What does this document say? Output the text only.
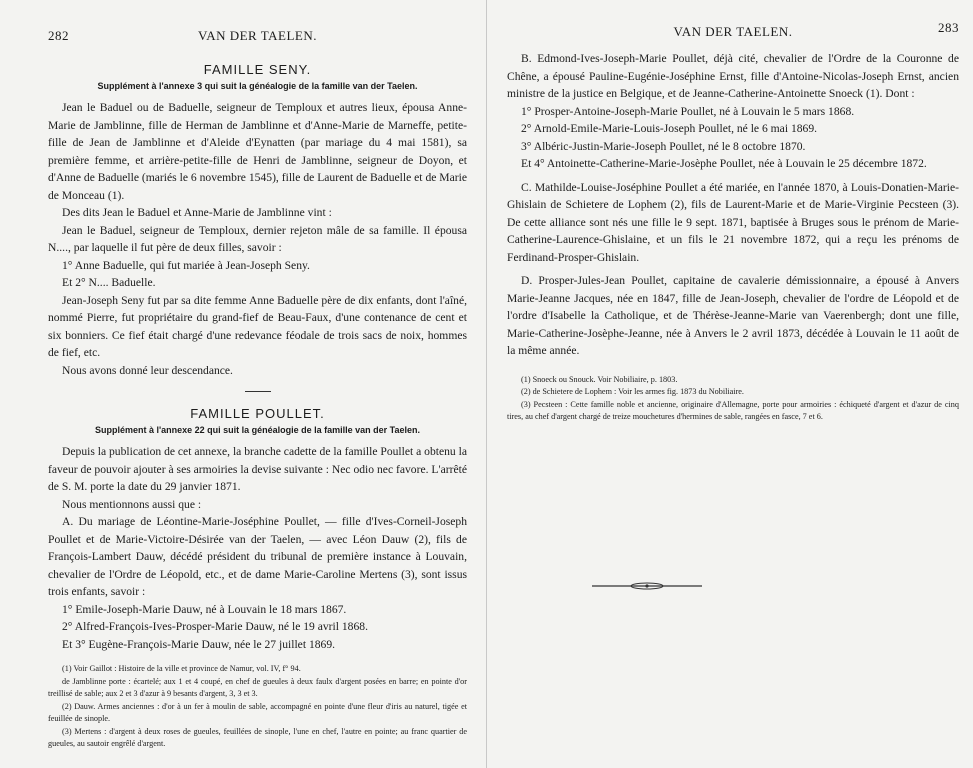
282	VAN DER TAELEN.
FAMILLE SENY.
Supplément à l'annexe 3 qui suit la généalogie de la famille van der Taelen.

Jean le Baduel ou de Baduelle, seigneur de Temploux et autres lieux, épousa Anne-Marie de Jamblinne, fille de Herman de Jamblinne et d'Anne-Marie de Marneffe, petite-fille de Jean de Jamblinne et d'Aleide d'Eynatten (par mariage du 4 mai 1581), sa première femme, et arrière-petite-fille de Henri de Jamblinne, seigneur de Doyon, et d'Anne de Baduelle (mariés le 6 novembre 1545), fille de Laurent de Baduelle et de Marie de Monceau (1).

Des dits Jean le Baduel et Anne-Marie de Jamblinne vint :

Jean le Baduel, seigneur de Temploux, dernier rejeton mâle de sa famille. Il épousa N...., par laquelle il fut père de deux filles, savoir :

1° Anne Baduelle, qui fut mariée à Jean-Joseph Seny.

Et 2° N.... Baduelle.

Jean-Joseph Seny fut par sa dite femme Anne Baduelle père de dix enfants, dont l'aîné, nommé Pierre, fut propriétaire du grand-fief de Beau-Faux, d'une contenance de cent et six bonniers. Ce fief était chargé d'une redevance féodale de trois sacs de noix, hommes de fief, etc.

Nous avons donné leur descendance.

FAMILLE POULLET.
Supplément à l'annexe 22 qui suit la généalogie de la famille van der Taelen.

Depuis la publication de cet annexe, la branche cadette de la famille Poullet a obtenu la faveur de pouvoir ajouter à ses armoiries la devise suivante : Nec odio nec favore. L'arrêté de S. M. porte la date du 29 janvier 1871.

Nous mentionnons aussi que :

A. Du mariage de Léontine-Marie-Joséphine Poullet, — fille d'Ives-Corneil-Joseph Poullet et de Marie-Victoire-Désirée van der Taelen, — avec Léon Dauw (2), fils de François-Lambert Dauw, décédé président du tribunal de première instance à Louvain, chevalier de l'Ordre de Léopold, etc., et de dame Marie-Caroline Mertens (3), sont issus trois enfants, savoir :

1° Emile-Joseph-Marie Dauw, né à Louvain le 18 mars 1867.

2° Alfred-François-Ives-Prosper-Marie Dauw, né le 19 avril 1868.

Et 3° Eugène-François-Marie Dauw, née le 27 juillet 1869.

(1) Voir Gaillot : Histoire de la ville et province de Namur, vol. IV, f° 94.

de Jamblinne porte : écartelé; aux 1 et 4 coupé, en chef de gueules à deux faulx d'argent posées en barre; en pointe d'or treillisé de sable; aux 2 et 3 d'azur à 9 besants d'argent, 3, 3 et 3.

(2) Dauw. Armes anciennes : d'or à un fer à moulin de sable, accompagné en pointe d'une fleur d'iris au naturel, tigée et feuillée de sinople.

(3) Mertens : d'argent à deux roses de gueules, feuillées de sinople, l'une en chef, l'autre en pointe; au franc quartier de gueules, au sautoir engrêlé d'argent.

VAN DER TAELEN.	283

B. Edmond-Ives-Joseph-Marie Poullet, déjà cité, chevalier de l'Ordre de la Couronne de Chêne, a épousé Pauline-Eugénie-Joséphine Ernst, fille d'Antoine-Nicolas-Joseph Ernst, ancien ministre de la justice en Belgique, et de Jeanne-Catherine-Antoinette Snoeck (1). Dont :

1° Prosper-Antoine-Joseph-Marie Poullet, né à Louvain le 5 mars 1868.

2° Arnold-Emile-Marie-Louis-Joseph Poullet, né le 6 mai 1869.

3° Albéric-Justin-Marie-Joseph Poullet, né le 8 octobre 1870.

Et 4° Antoinette-Catherine-Marie-Josèphe Poullet, née à Louvain le 25 décembre 1872.

C. Mathilde-Louise-Joséphine Poullet a été mariée, en l'année 1870, à Louis-Donatien-Marie-Ghislain de Schietere de Lophem (2), fils de Laurent-Marie et de Marie-Virginie Pecsteen (3). De cette alliance sont nés une fille le 9 sept. 1871, baptisée à Bruges sous le prénom de Marie-Catherine-Laurence-Ghislaine, et un fils le 21 novembre 1872, qui a reçu les prénoms de Ferdinand-Prosper-Ghislain.

D. Prosper-Jules-Jean Poullet, capitaine de cavalerie démissionnaire, a épousé à Anvers Marie-Jeanne Jacques, née en 1847, fille de Jean-Joseph, chevalier de l'ordre de Léopold et de l'ordre d'Isabelle la Catholique, et de Thérèse-Jeanne-Marie van Vaerenbergh; dont une fille, Marie-Catherine-Josèphe-Jeanne, née à Anvers le 2 avril 1873, décédée à Louvain le 11 août de la même année.

(1) Snoeck ou Snouck. Voir Nobiliaire, p. 1803.

(2) de Schietere de Lophem : Voir les armes fig. 1873 du Nobiliaire.

(3) Pecsteen : Cette famille noble et ancienne, originaire d'Allemagne, porte pour armoiries : échiqueté d'argent et d'azur de cinq tires, au chef d'argent chargé de treize mouchetures d'hermines de sable, rangées en fasce, 7 et 6.
